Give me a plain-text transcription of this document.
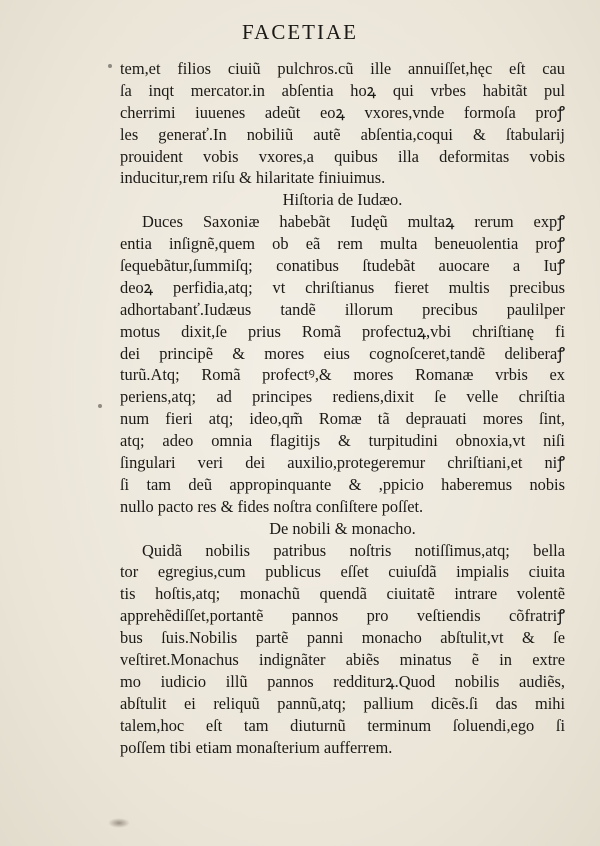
FACETIAE
tem,et filios ciuiũ pulchros.cũ ille annuiſſet,hęc eſt cau
ſa inqt mercator.in abſentia hoꝝ qui vrbes habitãt pul
cherrimi iuuenes adeũt eoꝝ vxores,vnde formoſa proꝭ
les generať.In nobiliũ autẽ abſentia,coqui & ſtabularij
prouident vobis vxores,a quibus illa deformitas vobis
inducitur,rem riſu & hilaritate finiuimus.
Hiſtoria de Iudæo.
Duces Saxoniæ habebãt Iudęũ multaꝝ rerum expꝭ
entia inſignẽ,quem ob eã rem multa beneuolentia proꝭ
ſequebãtur,ſummiſq; conatibus ſtudebãt auocare a Iuꝭ
deoꝝ perfidia,atq; vt chriſtianus fieret multis precibus
adhortabanť.Iudæus tandẽ illorum precibus paulilper
motus dixit,ſe prius Romã profectuꝝ,vbi chriſtianę fi
dei principẽ & mores eius cognoſceret,tandẽ deliberaꝭ
turũ.Atq; Romã profectꝰ,& mores Romanæ vrbis ex
periens,atq; ad principes rediens,dixit ſe velle chriſtia
num fieri atq; ideo,qm̃ Romæ tã deprauati mores ſint,
atq; adeo omnia flagitijs & turpitudini obnoxia,vt niſi
ſingulari veri dei auxilio,protegeremur chriſtiani,et niꝭ
ſi tam deũ appropinquante & ,ppicio haberemus nobis
nullo pacto res & fides noſtra conſiſtere poſſet.
De nobili & monacho.
Quidã nobilis patribus noſtris notiſſimus,atq; bella
tor egregius,cum publicus eſſet cuiuſdã impialis ciuita
tis hoſtis,atq; monachũ quendã ciuitatẽ intrare volentẽ
apprehẽdiſſet,portantẽ pannos pro veſtiendis cõfratriꝭ
bus ſuis.Nobilis partẽ panni monacho abſtulit,vt & ſe
veſtiret.Monachus indignãter abiẽs minatus ẽ in extre
mo iudicio illũ pannos redditurꝝ.Quod nobilis audiẽs,
abſtulit ei reliquũ pannũ,atq; pallium dicẽs.ſi das mihi
talem,hoc eſt tam diuturnũ terminum ſoluendi,ego ſi
poſſem tibi etiam monaſterium aufferrem.
